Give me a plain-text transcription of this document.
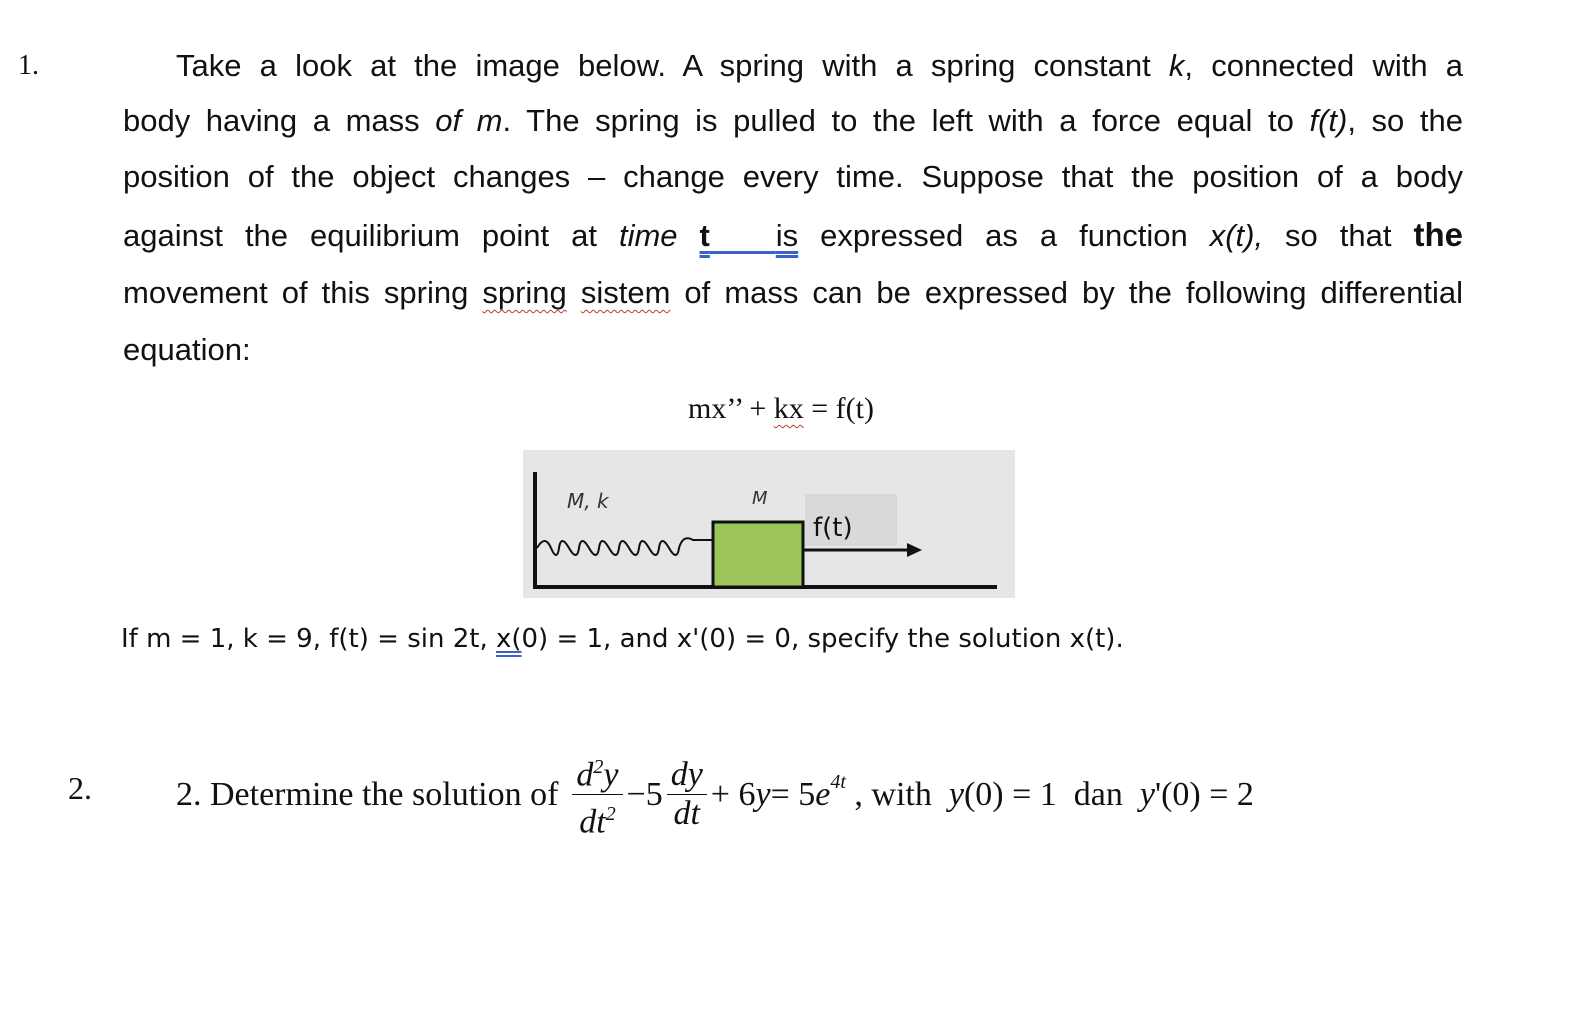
1.	Take a look at the image below. A spring with a spring constant k, connected with a
body having a mass of m. The spring is pulled to the left with a force equal to f(t), so the
position of the object changes – change every time. Suppose that the position of a body
against the equilibrium point at time t is expressed as a function x(t), so that the
movement of this spring spring sistem of mass can be expressed by the following differential
equation:
mx’’ + kx = f(t)
M, k	M
f(t)
If m = 1, k = 9, f(t) = sin 2t, x(0) = 1, and x'(0) = 0, specify the solution x(t).
2. 2. Determine the solution of $\frac{d^2y}{dt^2} -5 \frac{dy}{dt} + 6$ y = 5 $e^{4t}$ , with y (0) = 1  dan y '(0) = 2
